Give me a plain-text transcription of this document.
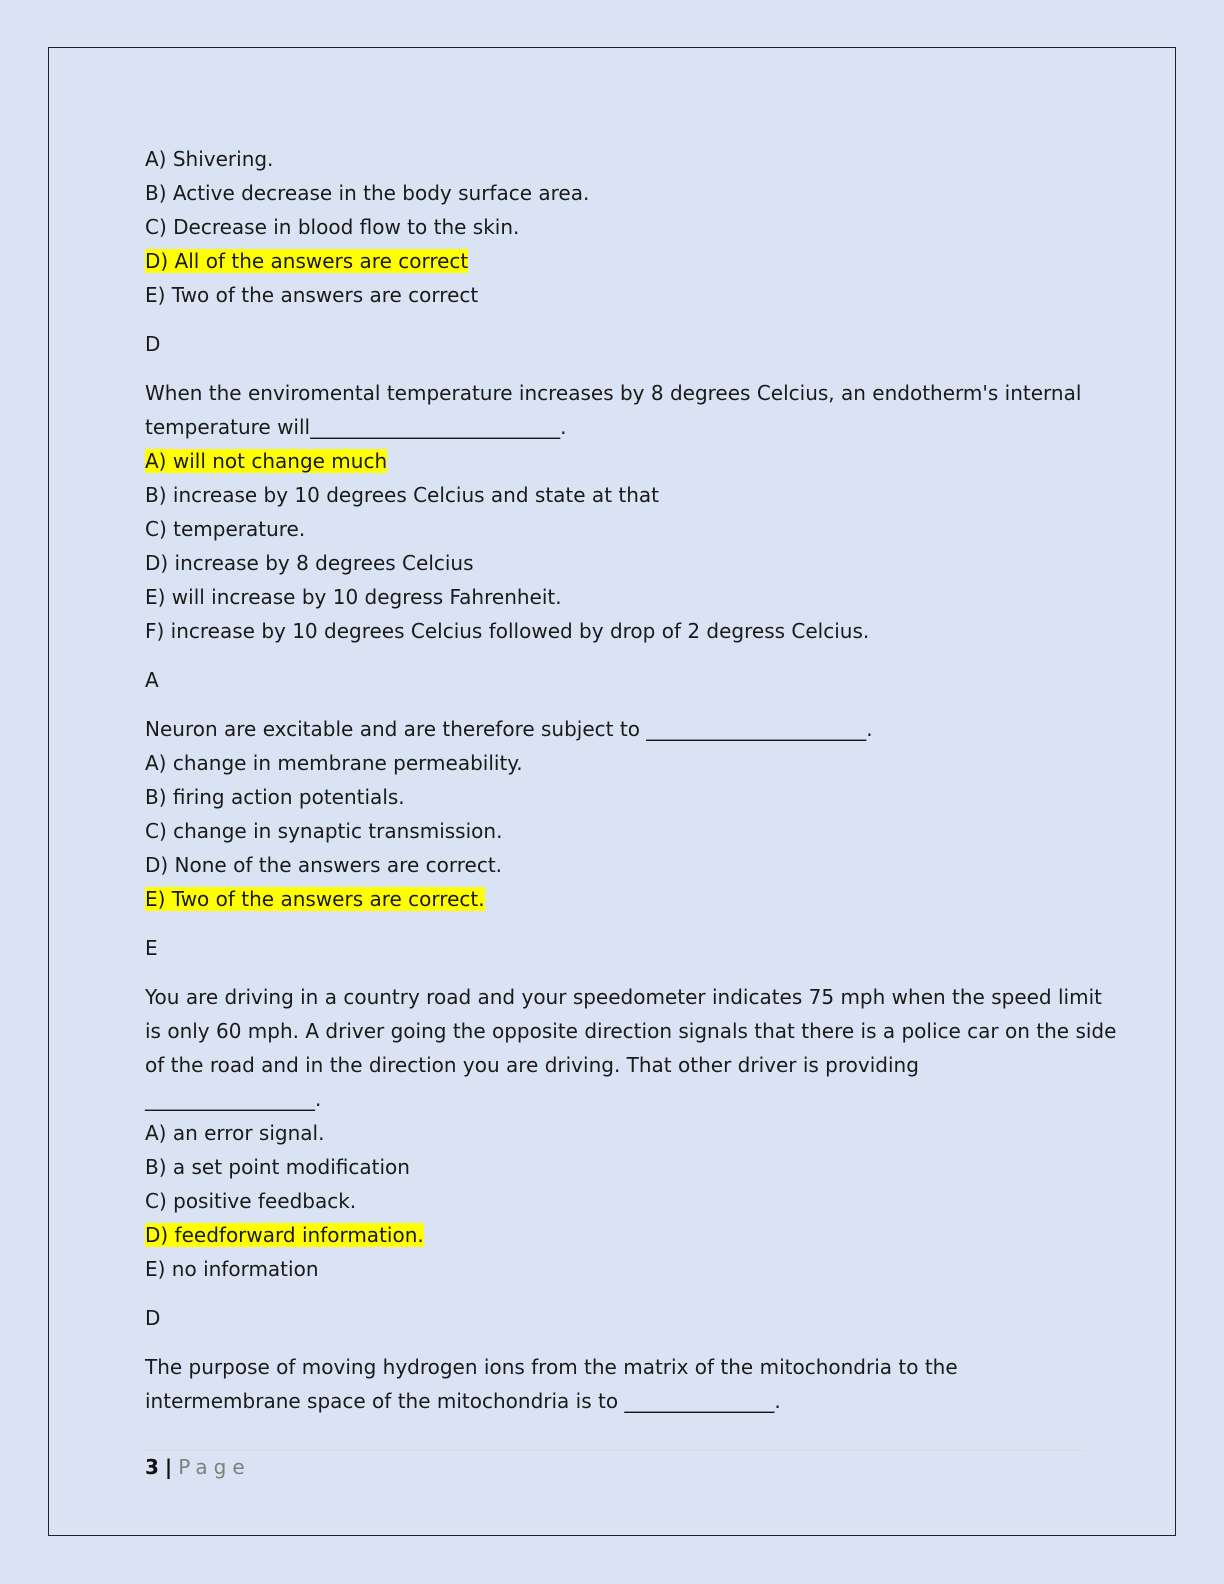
A) Shivering.
B) Active decrease in the body surface area.
C) Decrease in blood flow to the skin.
D) All of the answers are correct
E) Two of the answers are correct
D
When the enviromental temperature increases by 8 degrees Celcius, an endotherm's internal
temperature will_________________________.
A) will not change much
B) increase by 10 degrees Celcius and state at that
C) temperature.
D) increase by 8 degrees Celcius
E) will increase by 10 degress Fahrenheit.
F) increase by 10 degrees Celcius followed by drop of 2 degress Celcius.
A
Neuron are excitable and are therefore subject to ______________________.
A) change in membrane permeability.
B) firing action potentials.
C) change in synaptic transmission.
D) None of the answers are correct.
E) Two of the answers are correct.
E
You are driving in a country road and your speedometer indicates 75 mph when the speed limit
is only 60 mph. A driver going the opposite direction signals that there is a police car on the side
of the road and in the direction you are driving. That other driver is providing
_________________.
A) an error signal.
B) a set point modification
C) positive feedback.
D) feedforward information.
E) no information
D
The purpose of moving hydrogen ions from the matrix of the mitochondria to the
intermembrane space of the mitochondria is to _______________.
3 | Page
